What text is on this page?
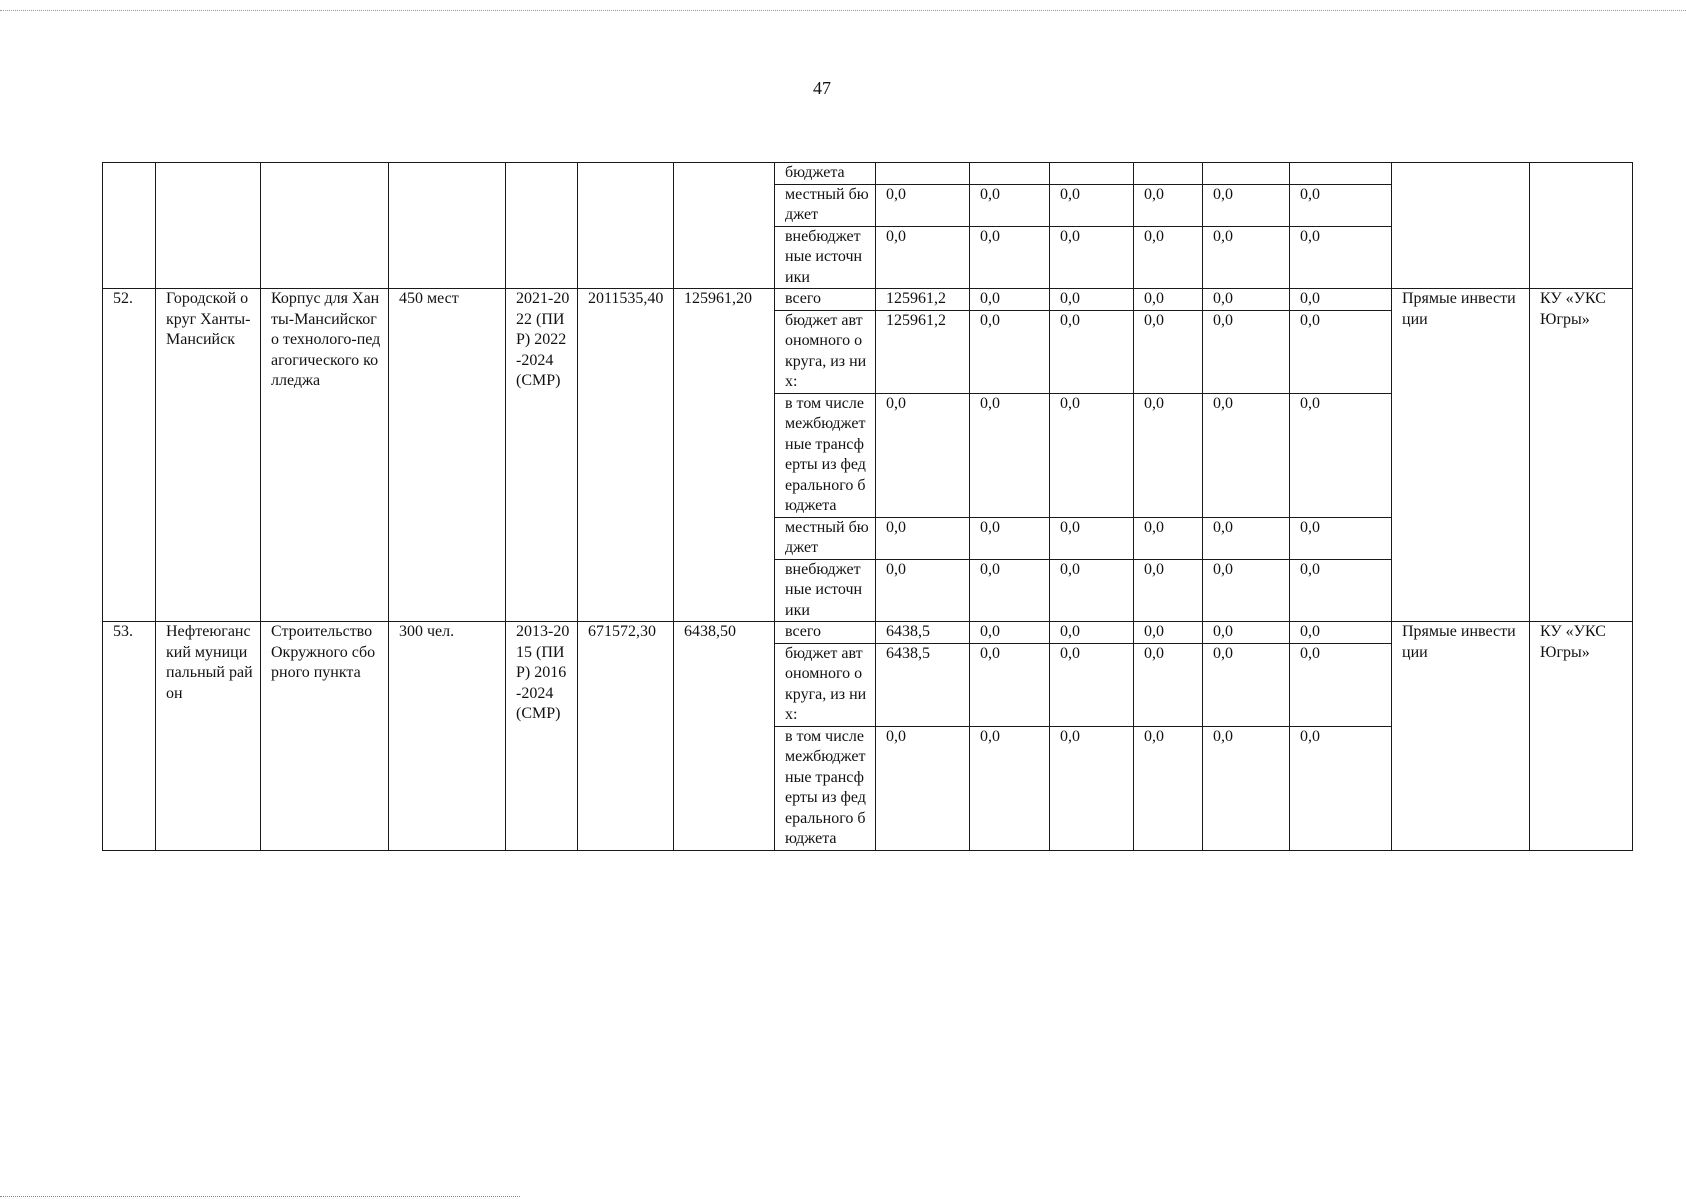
47
							бюджета								
							местный бюджет	0,0	0,0	0,0	0,0	0,0	0,0		
							внебюджетные источники	0,0	0,0	0,0	0,0	0,0	0,0		
52.	Городской округ Ханты-Мансийск	Корпус для Ханты-Мансийского технолого-педагогического колледжа	450 мест	2021-2022 (ПИР) 2022-2024 (СМР)	2011535,40	125961,20	всего	125961,2	0,0	0,0	0,0	0,0	0,0	Прямые инвестиции	КУ «УКС Югры»
							бюджет автономного округа, из них:	125961,2	0,0	0,0	0,0	0,0	0,0		
							в том числе межбюджетные трансферты из федерального бюджета	0,0	0,0	0,0	0,0	0,0	0,0		
							местный бюджет	0,0	0,0	0,0	0,0	0,0	0,0		
							внебюджетные источники	0,0	0,0	0,0	0,0	0,0	0,0		
53.	Нефтеюганский муниципальный район	Строительство Окружного сборного пункта	300 чел.	2013-2015 (ПИР) 2016-2024 (СМР)	671572,30	6438,50	всего	6438,5	0,0	0,0	0,0	0,0	0,0	Прямые инвестиции	КУ «УКС Югры»
							бюджет автономного округа, из них:	6438,5	0,0	0,0	0,0	0,0	0,0		
							в том числе межбюджетные трансферты из федерального бюджета	0,0	0,0	0,0	0,0	0,0	0,0		
